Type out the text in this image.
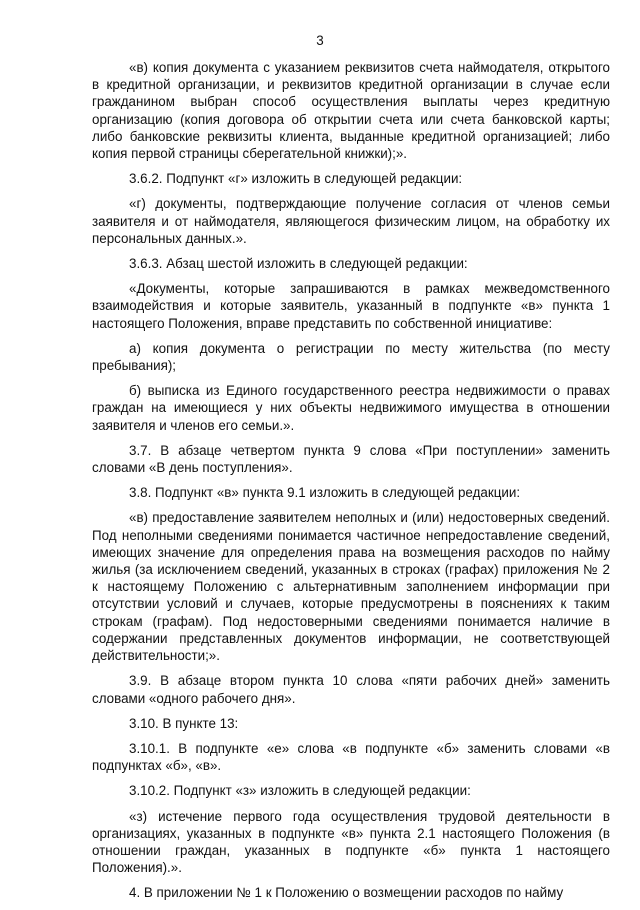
3

«в) копия документа с указанием реквизитов счета наймодателя, открытого в кредитной организации, и реквизитов кредитной организации в случае если гражданином выбран способ осуществления выплаты через кредитную организацию (копия договора об открытии счета или счета банковской карты; либо банковские реквизиты клиента, выданные кредитной организацией; либо копия первой страницы сберегательной книжки);».

3.6.2. Подпункт «г» изложить в следующей редакции:

«г) документы, подтверждающие получение согласия от членов семьи заявителя и от наймодателя, являющегося физическим лицом, на обработку их персональных данных.».

3.6.3. Абзац шестой изложить в следующей редакции:

«Документы, которые запрашиваются в рамках межведомственного взаимодействия и которые заявитель, указанный в подпункте «в» пункта 1 настоящего Положения, вправе представить по собственной инициативе:

а) копия документа о регистрации по месту жительства (по месту пребывания);

б) выписка из Единого государственного реестра недвижимости о правах граждан на имеющиеся у них объекты недвижимого имущества в отношении заявителя и членов его семьи.».

3.7. В абзаце четвертом пункта 9 слова «При поступлении» заменить словами «В день поступления».

3.8. Подпункт «в» пункта 9.1 изложить в следующей редакции:

«в) предоставление заявителем неполных и (или) недостоверных сведений. Под неполными сведениями понимается частичное непредоставление сведений, имеющих значение для определения права на возмещения расходов по найму жилья (за исключением сведений, указанных в строках (графах) приложения № 2 к настоящему Положению с альтернативным заполнением информации при отсутствии условий и случаев, которые предусмотрены в пояснениях к таким строкам (графам). Под недостоверными сведениями понимается наличие в содержании представленных документов информации, не соответствующей действительности;».

3.9. В абзаце втором пункта 10 слова «пяти рабочих дней» заменить словами «одного рабочего дня».

3.10. В пункте 13:

3.10.1. В подпункте «е» слова «в подпункте «б» заменить словами «в подпунктах «б», «в».

3.10.2. Подпункт «з» изложить в следующей редакции:

«з) истечение первого года осуществления трудовой деятельности в организациях, указанных в подпункте «в» пункта 2.1 настоящего Положения (в отношении граждан, указанных в подпункте «б» пункта 1 настоящего Положения).».

4. В приложении № 1 к Положению о возмещении расходов по найму
